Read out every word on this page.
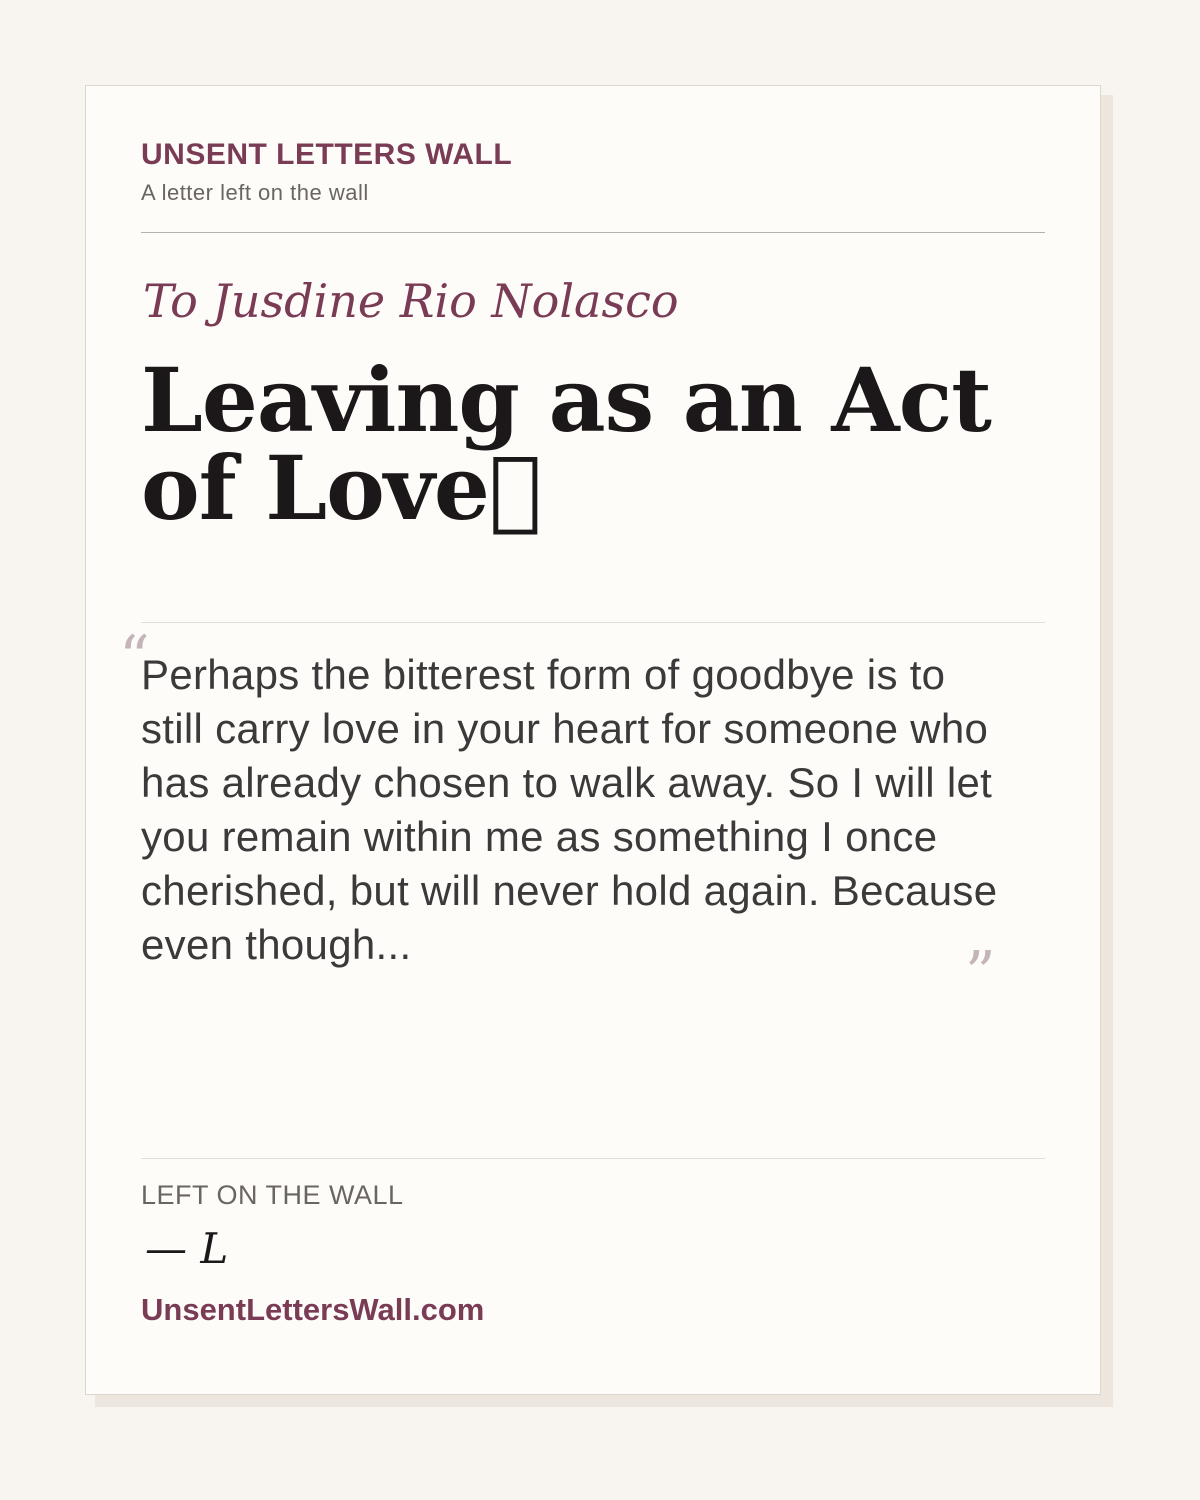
UNSENT LETTERS WALL
A letter left on the wall
To Jusdine Rio Nolasco
Leaving as an Act of Love 
“
Perhaps the bitterest form of goodbye is to still carry love in your heart for someone who has already chosen to walk away. So I will let you remain within me as something I once cherished, but will never hold again. Because even though...	”
LEFT ON THE WALL
— L
UnsentLettersWall.com
